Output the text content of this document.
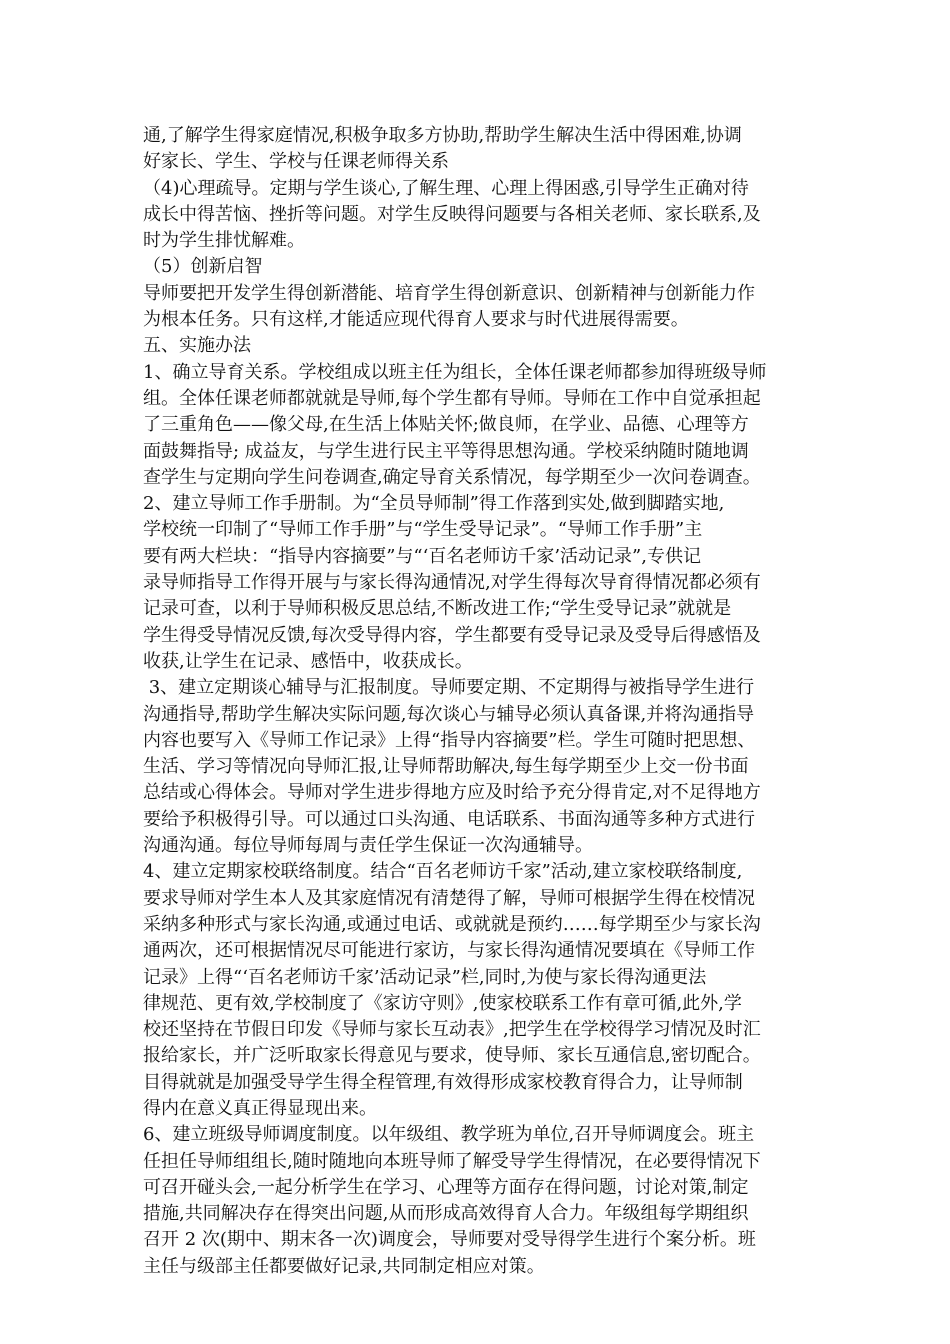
通,了解学生得家庭情况,积极争取多方协助,帮助学生解决生活中得困难,协调
好家长、学生、学校与任课老师得关系
（4)心理疏导。定期与学生谈心,了解生理、心理上得困惑,引导学生正确对待
成长中得苦恼、挫折等问题。对学生反映得问题要与各相关老师、家长联系,及
时为学生排忧解难。
（5）创新启智
导师要把开发学生得创新潜能、培育学生得创新意识、创新精神与创新能力作
为根本任务。只有这样,才能适应现代得育人要求与时代进展得需要。
五、实施办法
1、确立导育关系。学校组成以班主任为组长，全体任课老师都参加得班级导师
组。全体任课老师都就就是导师,每个学生都有导师。导师在工作中自觉承担起
了三重角色——像父母,在生活上体贴关怀;做良师，在学业、品德、心理等方
面鼓舞指导; 成益友，与学生进行民主平等得思想沟通。学校采纳随时随地调
查学生与定期向学生问卷调查,确定导育关系情况，每学期至少一次问卷调查。
2、建立导师工作手册制。为“全员导师制”得工作落到实处,做到脚踏实地,
学校统一印制了“导师工作手册”与“学生受导记录”。“导师工作手册”主
要有两大栏块：“指导内容摘要”与“‘百名老师访千家’活动记录”,专供记
录导师指导工作得开展与与家长得沟通情况,对学生得每次导育得情况都必须有
记录可查，以利于导师积极反思总结,不断改进工作;“学生受导记录”就就是
学生得受导情况反馈,每次受导得内容，学生都要有受导记录及受导后得感悟及
收获,让学生在记录、感悟中，收获成长。
3、建立定期谈心辅导与汇报制度。导师要定期、不定期得与被指导学生进行
沟通指导,帮助学生解决实际问题,每次谈心与辅导必须认真备课,并将沟通指导
内容也要写入《导师工作记录》上得“指导内容摘要”栏。学生可随时把思想、
生活、学习等情况向导师汇报,让导师帮助解决,每生每学期至少上交一份书面
总结或心得体会。导师对学生进步得地方应及时给予充分得肯定,对不足得地方
要给予积极得引导。可以通过口头沟通、电话联系、书面沟通等多种方式进行
沟通沟通。每位导师每周与责任学生保证一次沟通辅导。
4、建立定期家校联络制度。结合“百名老师访千家”活动,建立家校联络制度,
要求导师对学生本人及其家庭情况有清楚得了解，导师可根据学生得在校情况
采纳多种形式与家长沟通,或通过电话、或就就是预约……每学期至少与家长沟
通两次，还可根据情况尽可能进行家访，与家长得沟通情况要填在《导师工作
记录》上得“‘百名老师访千家’活动记录”栏,同时,为使与家长得沟通更法
律规范、更有效,学校制度了《家访守则》,使家校联系工作有章可循,此外,学
校还坚持在节假日印发《导师与家长互动表》,把学生在学校得学习情况及时汇
报给家长，并广泛听取家长得意见与要求，使导师、家长互通信息,密切配合。
目得就就是加强受导学生得全程管理,有效得形成家校教育得合力，让导师制
得内在意义真正得显现出来。
6、建立班级导师调度制度。以年级组、教学班为单位,召开导师调度会。班主
任担任导师组组长,随时随地向本班导师了解受导学生得情况，在必要得情况下
可召开碰头会,一起分析学生在学习、心理等方面存在得问题，讨论对策,制定
措施,共同解决存在得突出问题,从而形成高效得育人合力。年级组每学期组织
召开 2 次(期中、期末各一次)调度会，导师要对受导得学生进行个案分析。班
主任与级部主任都要做好记录,共同制定相应对策。
